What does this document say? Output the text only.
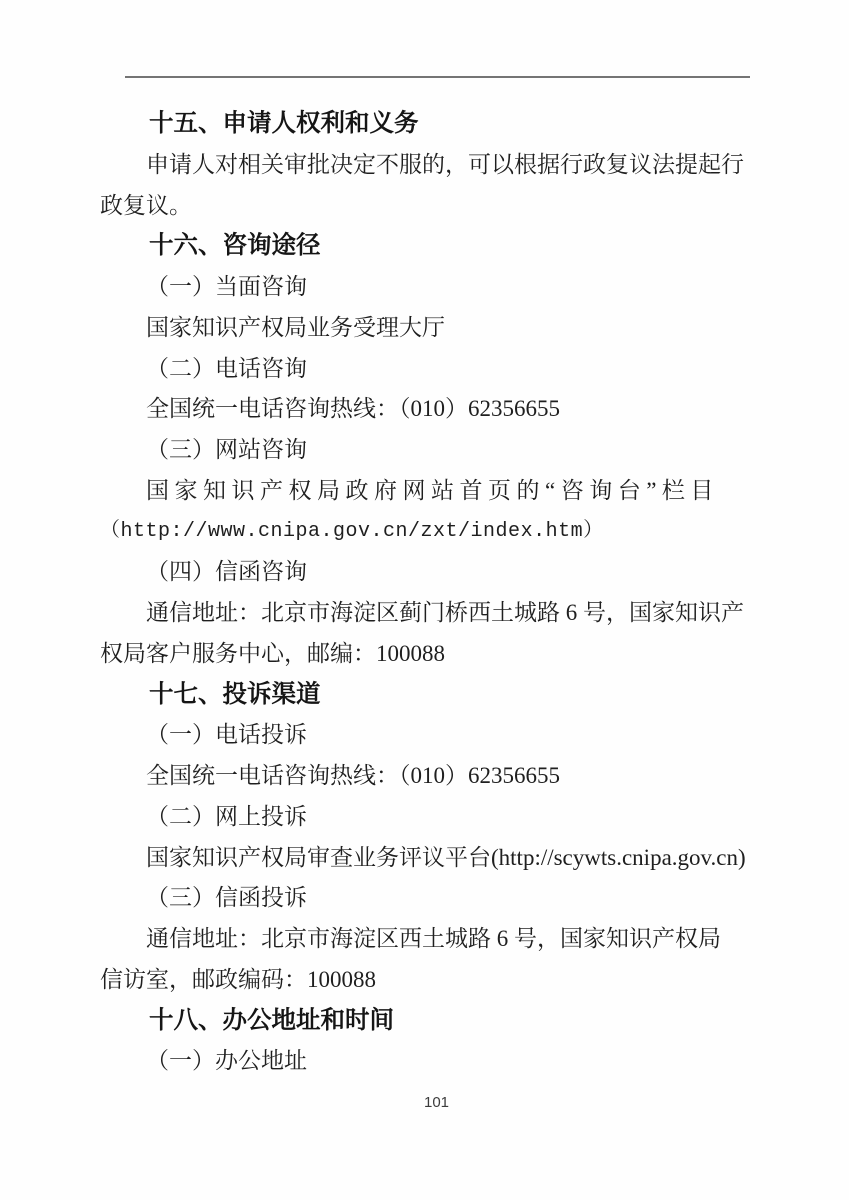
十五、申请人权利和义务
申请人对相关审批决定不服的，可以根据行政复议法提起行
政复议。
十六、咨询途径
（一）当面咨询
国家知识产权局业务受理大厅
（二）电话咨询
全国统一电话咨询热线：（010）62356655
（三）网站咨询
国家知识产权局政府网站首页的“咨询台”栏目
（http://www.cnipa.gov.cn/zxt/index.htm）
（四）信函咨询
通信地址：北京市海淀区蓟门桥西土城路 6 号，国家知识产
权局客户服务中心，邮编：100088
十七、投诉渠道
（一）电话投诉
全国统一电话咨询热线：（010）62356655
（二）网上投诉
国家知识产权局审查业务评议平台(http://scywts.cnipa.gov.cn)
（三）信函投诉
通信地址：北京市海淀区西土城路 6 号，国家知识产权局
信访室，邮政编码：100088
十八、办公地址和时间
（一）办公地址
101
